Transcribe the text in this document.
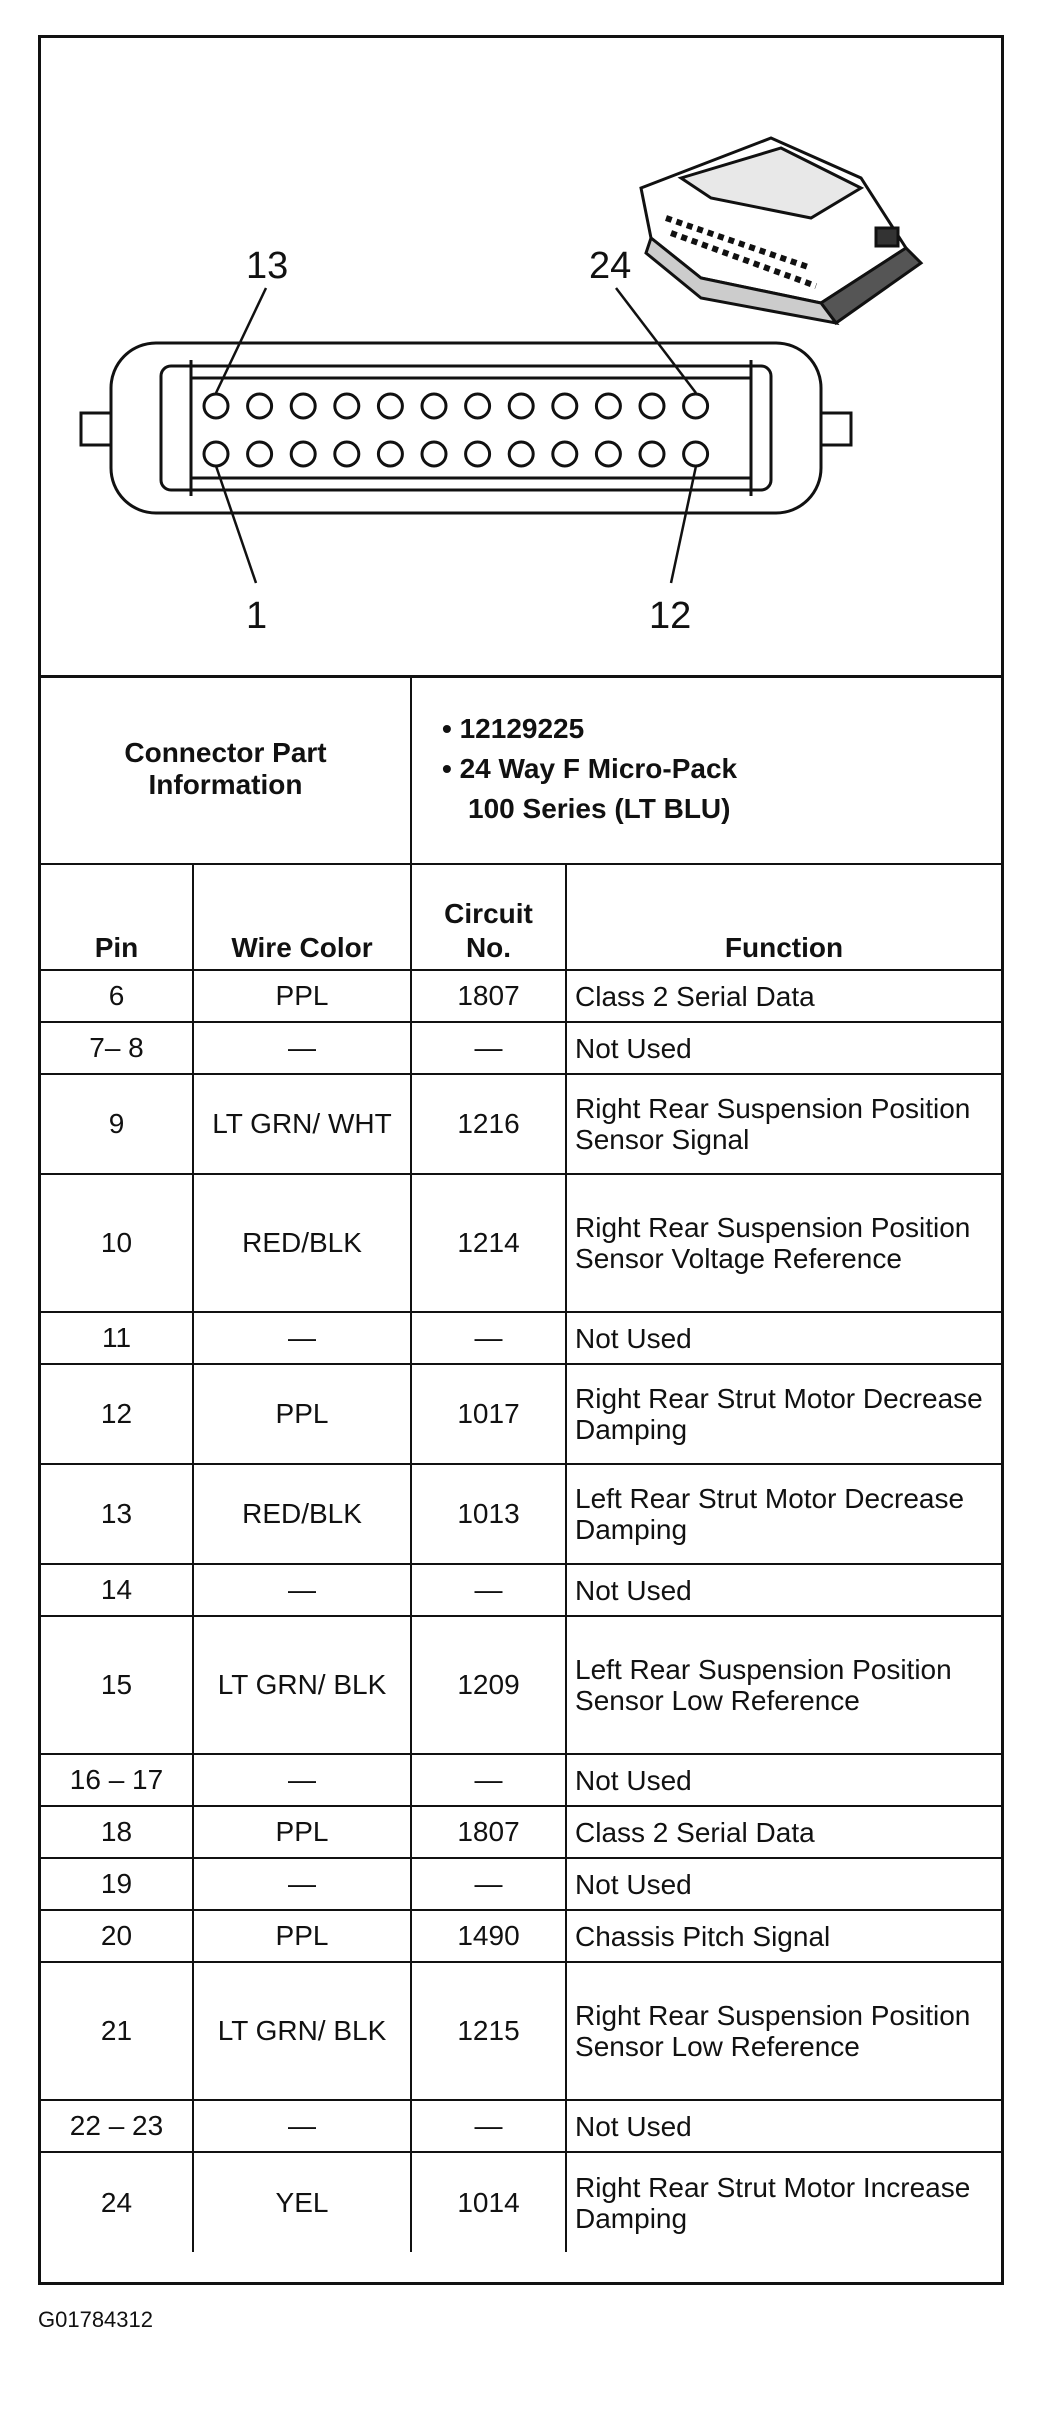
13	24
1	12
Connector Part Information		• 12129225
• 24 Way F Micro-Pack
100 Series (LT BLU)	

Pin	Wire Color	Circuit No.	Function
6	PPL	1807	Class 2 Serial Data
7– 8	—	—	Not Used
9	LT GRN/ WHT	1216	Right Rear Suspension Position Sensor Signal
10	RED/BLK	1214	Right Rear Suspension Position Sensor Voltage Reference
11	—	—	Not Used
12	PPL	1017	Right Rear Strut Motor Decrease Damping
13	RED/BLK	1013	Left Rear Strut Motor Decrease Damping
14	—	—	Not Used
15	LT GRN/ BLK	1209	Left Rear Suspension Position Sensor Low Reference
16 – 17	—	—	Not Used
18	PPL	1807	Class 2 Serial Data
19	—	—	Not Used
20	PPL	1490	Chassis Pitch Signal
21	LT GRN/ BLK	1215	Right Rear Suspension Position Sensor Low Reference
22 – 23	—	—	Not Used
24	YEL	1014	Right Rear Strut Motor Increase Damping
G01784312
